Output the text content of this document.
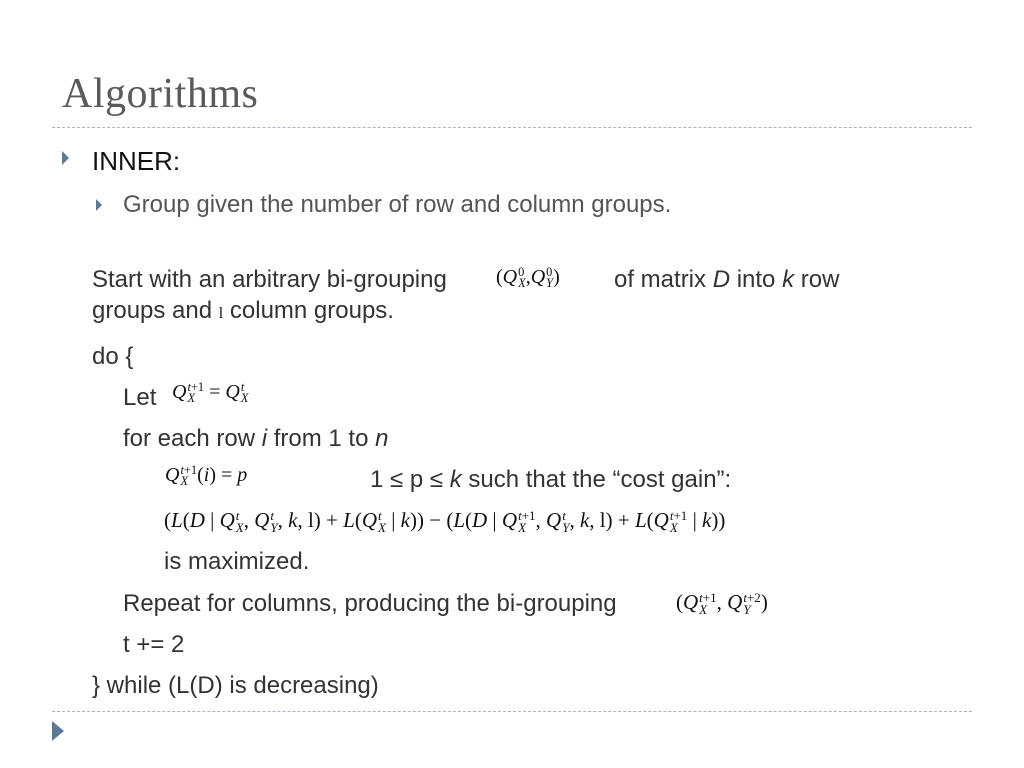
Algorithms
INNER:
Group given the number of row and column groups.
Start with an arbitrary bi-grouping (Q 0
X ,Q 0
Y ) of matrix D into k row
groups and l column groups.
do {
Let Q t+1
X = Q t
X
for each row i from 1 to n
Q t+1
X (i) = p	1 ≤ p ≤ k such that the “cost gain”:
(L(D | Q t
X , Q t
Y , k, l) + L(Q t
X | k)) − (L(D | Q t+1
X , Q t
Y , k, l) + L(Q t+1
X | k))
is maximized.
Repeat for columns, producing the bi-grouping	(Q t+1
X , Q t+2
Y )
t += 2
} while (L(D) is decreasing)
